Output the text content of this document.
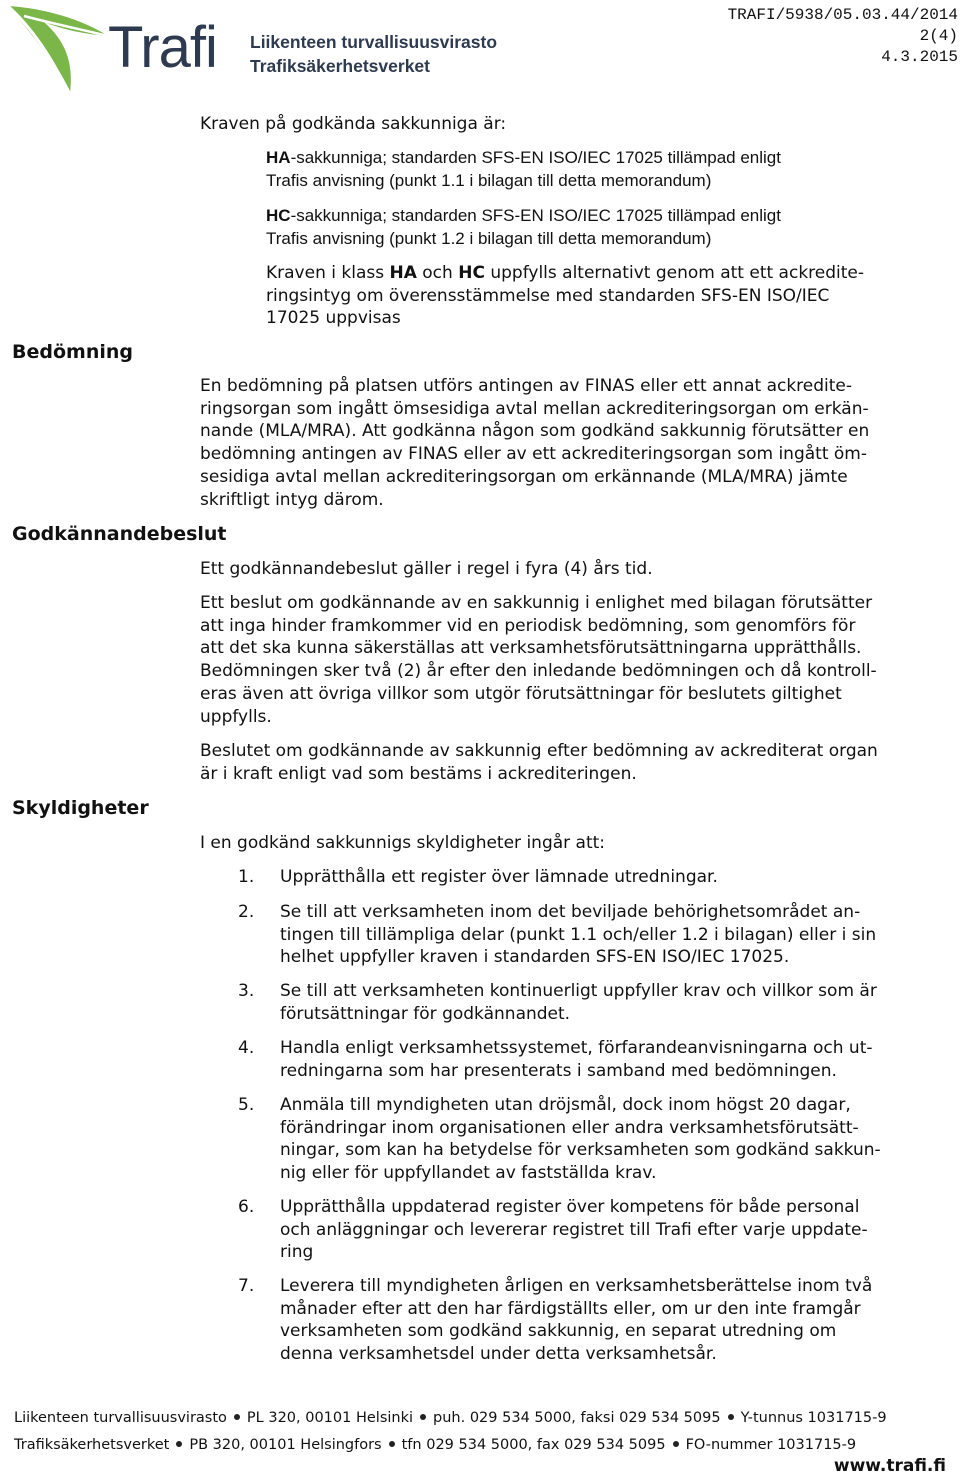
Trafi Liikenteen turvallisuusvirasto
Trafiksäkerhetsverket
TRAFI/5938/05.03.44/2014
2(4)
4.3.2015
Bedömning
Godkännandebeslut
Skyldigheter
Kraven på godkända sakkunniga är:
HA-sakkunniga; standarden SFS-EN ISO/IEC 17025 tillämpad enligt
Trafis anvisning (punkt 1.1 i bilagan till detta memorandum)
HC-sakkunniga; standarden SFS-EN ISO/IEC 17025 tillämpad enligt
Trafis anvisning (punkt 1.2 i bilagan till detta memorandum)
Kraven i klass HA och HC uppfylls alternativt genom att ett ackredite-
ringsintyg om överensstämmelse med standarden SFS-EN ISO/IEC
17025 uppvisas
En bedömning på platsen utförs antingen av FINAS eller ett annat ackredite-
ringsorgan som ingått ömsesidiga avtal mellan ackrediteringsorgan om erkän-
nande (MLA/MRA). Att godkänna någon som godkänd sakkunnig förutsätter en
bedömning antingen av FINAS eller av ett ackrediteringsorgan som ingått öm-
sesidiga avtal mellan ackrediteringsorgan om erkännande (MLA/MRA) jämte
skriftligt intyg därom.
Ett godkännandebeslut gäller i regel i fyra (4) års tid.
Ett beslut om godkännande av en sakkunnig i enlighet med bilagan förutsätter
att inga hinder framkommer vid en periodisk bedömning, som genomförs för
att det ska kunna säkerställas att verksamhetsförutsättningarna upprätthålls.
Bedömningen sker två (2) år efter den inledande bedömningen och då kontroll-
eras även att övriga villkor som utgör förutsättningar för beslutets giltighet
uppfylls.
Beslutet om godkännande av sakkunnig efter bedömning av ackrediterat organ
är i kraft enligt vad som bestäms i ackrediteringen.
I en godkänd sakkunnigs skyldigheter ingår att:
1.	Upprätthålla ett register över lämnade utredningar.
2.	Se till att verksamheten inom det beviljade behörighetsområdet an-
tingen till tillämpliga delar (punkt 1.1 och/eller 1.2 i bilagan) eller i sin
helhet uppfyller kraven i standarden SFS-EN ISO/IEC 17025.
3.	Se till att verksamheten kontinuerligt uppfyller krav och villkor som är
förutsättningar för godkännandet.
4.	Handla enligt verksamhetssystemet, förfarandeanvisningarna och ut-
redningarna som har presenterats i samband med bedömningen.
5.	Anmäla till myndigheten utan dröjsmål, dock inom högst 20 dagar,
förändringar inom organisationen eller andra verksamhetsförutsätt-
ningar, som kan ha betydelse för verksamheten som godkänd sakkun-
nig eller för uppfyllandet av fastställda krav.
6.	Upprätthålla uppdaterad register över kompetens för både personal
och anläggningar och levererar registret till Trafi efter varje uppdate-
ring
7.	Leverera till myndigheten årligen en verksamhetsberättelse inom två
månader efter att den har färdigställts eller, om ur den inte framgår
verksamheten som godkänd sakkunnig, en separat utredning om
denna verksamhetsdel under detta verksamhetsår.
Liikenteen turvallisuusvirasto PL 320, 00101 Helsinki puh. 029 534 5000, faksi 029 534 5095 Y-tunnus 1031715-9
Trafiksäkerhetsverket PB 320, 00101 Helsingfors tfn 029 534 5000, fax 029 534 5095 FO-nummer 1031715-9
www.trafi.fi
